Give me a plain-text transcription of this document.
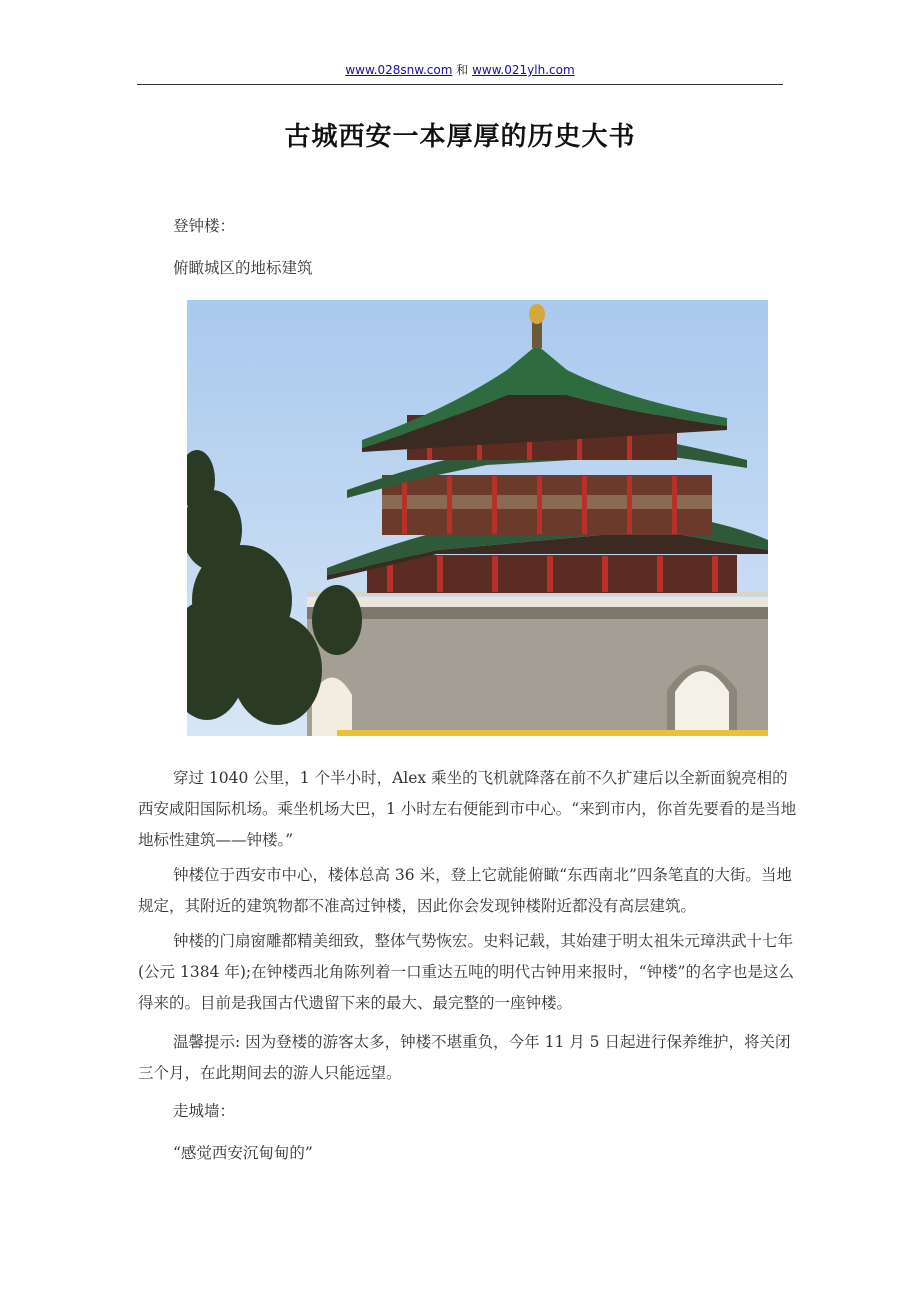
www.028snw.com 和 www.021ylh.com
古城西安一本厚厚的历史大书
登钟楼：
俯瞰城区的地标建筑
穿过 1040 公里，1 个半小时，Alex 乘坐的飞机就降落在前不久扩建后以全新面貌亮相的西安咸阳国际机场。乘坐机场大巴，1 小时左右便能到市中心。“来到市内，你首先要看的是当地地标性建筑——钟楼。”
钟楼位于西安市中心，楼体总高 36 米，登上它就能俯瞰“东西南北”四条笔直的大街。当地规定，其附近的建筑物都不准高过钟楼，因此你会发现钟楼附近都没有高层建筑。
钟楼的门扇窗雕都精美细致，整体气势恢宏。史料记载，其始建于明太祖朱元璋洪武十七年(公元 1384 年);在钟楼西北角陈列着一口重达五吨的明代古钟用来报时，“钟楼”的名字也是这么得来的。目前是我国古代遗留下来的最大、最完整的一座钟楼。
温馨提示: 因为登楼的游客太多，钟楼不堪重负，今年 11 月 5 日起进行保养维护，将关闭三个月，在此期间去的游人只能远望。
走城墙：
“感觉西安沉甸甸的”
